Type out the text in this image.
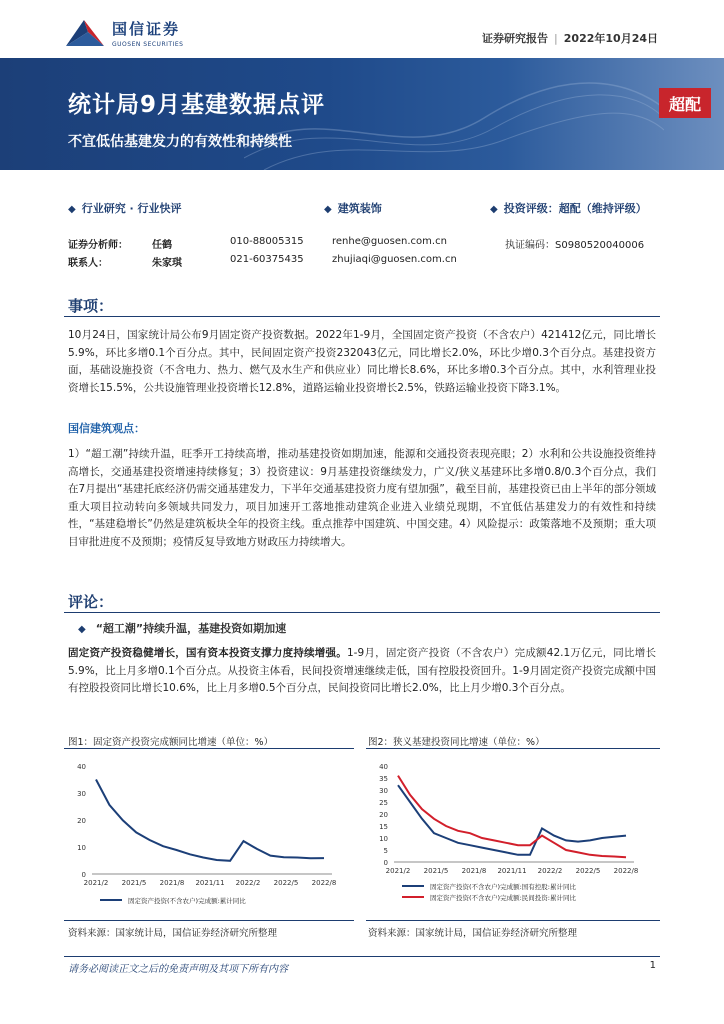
国信证券
GUOSEN SECURITIES	证券研究报告 | 2022年10月24日
统计局9月基建数据点评
不宜低估基建发力的有效性和持续性
超配
◆ 行业研究 · 行业快评	◆ 建筑装饰	◆ 投资评级：超配（维持评级）
证券分析师： 任鹤	010-88005315	renhe@guosen.com.cn	执证编码：S0980520040006
联系人：	朱家琪	021-60375435	zhujiaqi@guosen.com.cn
事项：
10月24日，国家统计局公布9月固定资产投资数据。2022年1-9月，全国固定资产投资（不含农户）421412亿元，同比增长5.9%，环比多增0.1个百分点。其中，民间固定资产投资232043亿元，同比增长2.0%，环比少增0.3个百分点。基建投资方面，基础设施投资（不含电力、热力、燃气及水生产和供应业）同比增长8.6%，环比多增0.3个百分点。其中，水利管理业投资增长15.5%，公共设施管理业投资增长12.8%，道路运输业投资增长2.5%，铁路运输业投资下降3.1%。
国信建筑观点：
1）“超工潮”持续升温，旺季开工持续高增，推动基建投资如期加速，能源和交通投资表现亮眼；2）水利和公共设施投资维持高增长，交通基建投资增速持续修复；3）投资建议：9月基建投资继续发力，广义/狭义基建环比多增0.8/0.3个百分点，我们在7月提出“基建托底经济仍需交通基建发力，下半年交通基建投资力度有望加强”，截至目前，基建投资已由上半年的部分领域重大项目拉动转向多领域共同发力，项目加速开工落地推动建筑企业进入业绩兑现期，不宜低估基建发力的有效性和持续性，“基建稳增长”仍然是建筑板块全年的投资主线。重点推荐中国建筑、中国交建。4）风险提示：政策落地不及预期；重大项目审批进度不及预期；疫情反复导致地方财政压力持续增大。
评论：
◆ “超工潮”持续升温，基建投资如期加速
固定资产投资稳健增长，国有资本投资支撑力度持续增强。1-9月，固定资产投资（不含农户）完成额42.1万亿元，同比增长5.9%，比上月多增0.1个百分点。从投资主体看，民间投资增速继续走低，国有控股投资回升。1-9月固定资产投资完成额中国有控股投资同比增长10.6%，比上月多增0.5个百分点，民间投资同比增长2.0%，比上月少增0.3个百分点。
图1：固定资产投资完成额同比增速（单位：%）
0
10
20
30
40
2021/2 2021/5 2021/8 2021/11 2022/2 2022/5 2022/8
固定资产投资(不含农户)完成额:累计同比
资料来源：国家统计局，国信证券经济研究所整理
图2：狭义基建投资同比增速（单位：%）
0
5
10
15
20
25
30
35
40
2021/2 2021/5 2021/8 2021/11 2022/2 2022/5 2022/8
固定资产投资(不含农户)完成额:国有控股:累计同比
固定资产投资(不含农户)完成额:民间投资:累计同比
资料来源：国家统计局，国信证券经济研究所整理
请务必阅读正文之后的免责声明及其项下所有内容	1
